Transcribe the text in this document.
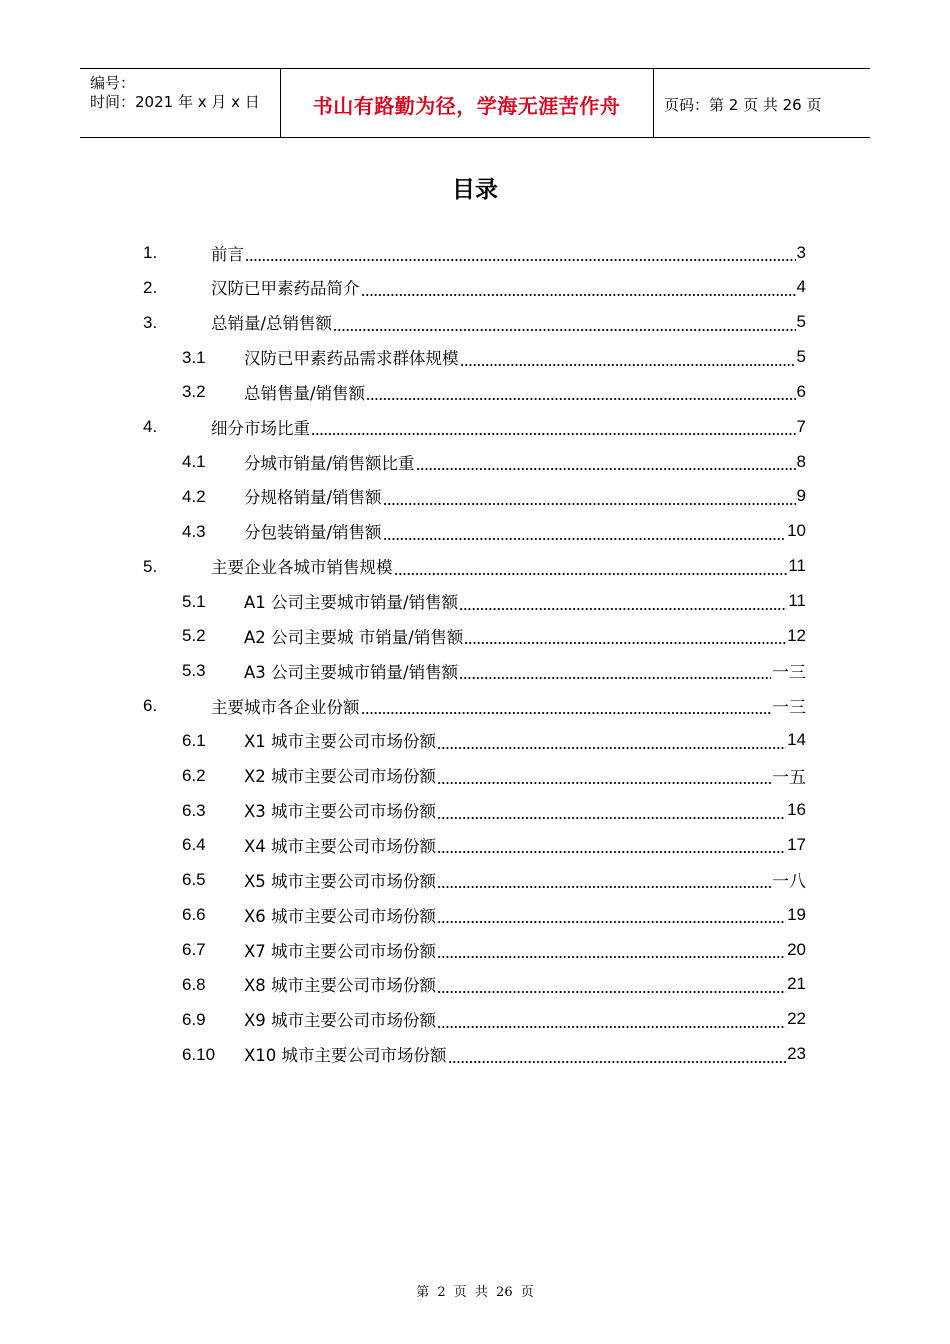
编号：
时间：2021 年 x 月 x 日	书山有路勤为径，学海无涯苦作舟	页码：第 2 页 共 26 页
目录
1.	前言	3
2.	汉防已甲素药品简介	4
3.	总销量/总销售额	5
3.1 汉防已甲素药品需求群体规模	5
3.2 总销售量/销售额	6
4.	细分市场比重	7
4.1 分城市销量/销售额比重	8
4.2 分规格销量/销售额	9
4.3 分包装销量/销售额	10
5.	主要企业各城市销售规模	11
5.1 A1 公司主要城市销量/销售额	11
5.2 A2 公司主要城 市销量/销售额	12
5.3 A3 公司主要城市销量/销售额	一三
6.	主要城市各企业份额	一三
6.1 X1 城市主要公司市场份额	14
6.2 X2 城市主要公司市场份额	一五
6.3 X3 城市主要公司市场份额	16
6.4 X4 城市主要公司市场份额	17
6.5 X5 城市主要公司市场份额	一八
6.6 X6 城市主要公司市场份额	19
6.7 X7 城市主要公司市场份额	20
6.8 X8 城市主要公司市场份额	21
6.9 X9 城市主要公司市场份额	22
6.10 X10 城市主要公司市场份额	23
第 2 页 共 26 页
